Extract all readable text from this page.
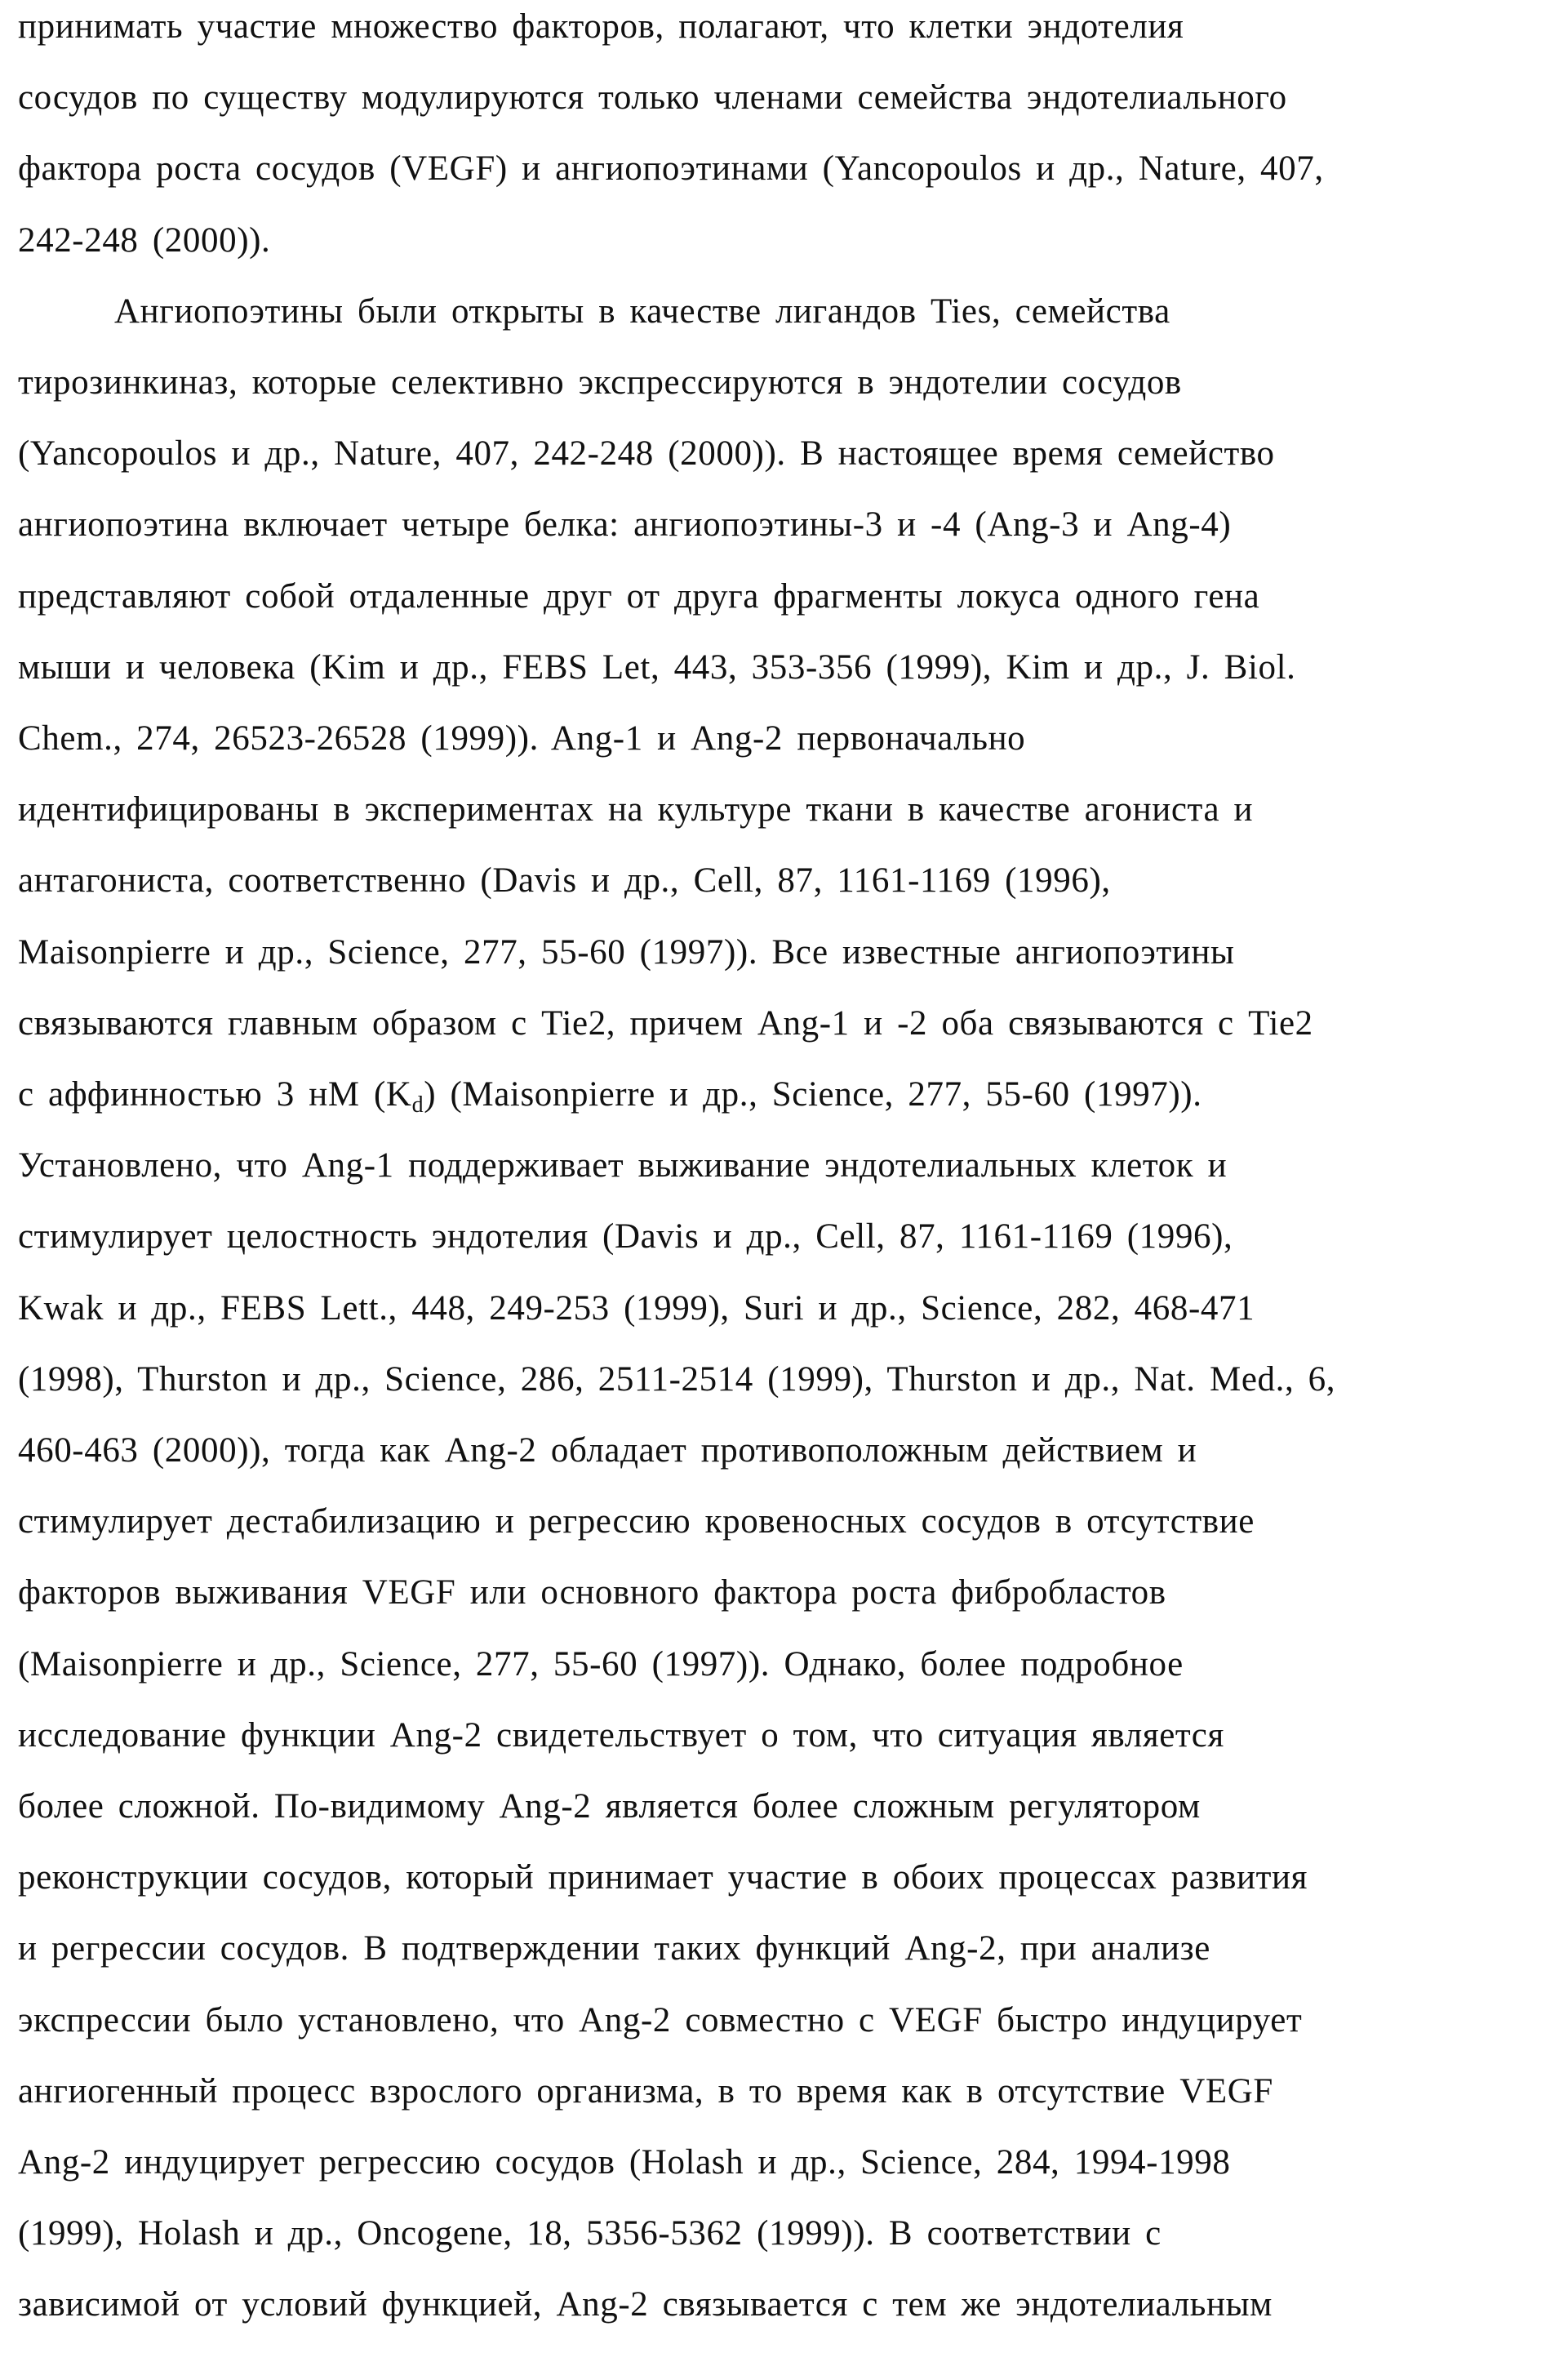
принимать участие множество факторов, полагают, что клетки эндотелия
сосудов по существу модулируются только членами семейства эндотелиального
фактора роста сосудов (VEGF) и ангиопоэтинами (Yancopoulos и др., Nature, 407,
242-248 (2000)).
Ангиопоэтины были открыты в качестве лигандов Ties, семейства
тирозинкиназ, которые селективно экспрессируются в эндотелии сосудов
(Yancopoulos и др., Nature, 407, 242-248 (2000)). В настоящее время семейство
ангиопоэтина включает четыре белка: ангиопоэтины-3 и -4 (Ang-3 и Ang-4)
представляют собой отдаленные друг от друга фрагменты локуса одного гена
мыши и человека (Kim и др., FEBS Let, 443, 353-356 (1999), Kim и др., J. Biol.
Chem., 274, 26523-26528 (1999)). Ang-1 и Ang-2 первоначально
идентифицированы в экспериментах на культуре ткани в качестве агониста и
антагониста, соответственно (Davis и др., Cell, 87, 1161-1169 (1996),
Maisonpierre и др., Science, 277, 55-60 (1997)). Все известные ангиопоэтины
связываются главным образом с Tie2, причем Ang-1 и -2 оба связываются с Tie2
с аффинностью 3 нМ $(K_d)$ (Maisonpierre и др., Science, 277, 55-60 (1997)).
Установлено, что Ang-1 поддерживает выживание эндотелиальных клеток и
стимулирует целостность эндотелия (Davis и др., Cell, 87, 1161-1169 (1996),
Kwak и др., FEBS Lett., 448, 249-253 (1999), Suri и др., Science, 282, 468-471
(1998), Thurston и др., Science, 286, 2511-2514 (1999), Thurston и др., Nat. Med., 6,
460-463 (2000)), тогда как Ang-2 обладает противоположным действием и
стимулирует дестабилизацию и регрессию кровеносных сосудов в отсутствие
факторов выживания VEGF или основного фактора роста фибробластов
(Maisonpierre и др., Science, 277, 55-60 (1997)). Однако, более подробное
исследование функции Ang-2 свидетельствует о том, что ситуация является
более сложной. По-видимому Ang-2 является более сложным регулятором
реконструкции сосудов, который принимает участие в обоих процессах развития
и регрессии сосудов. В подтверждении таких функций Ang-2, при анализе
экспрессии было установлено, что Ang-2 совместно с VEGF быстро индуцирует
ангиогенный процесс взрослого организма, в то время как в отсутствие VEGF
Ang-2 индуцирует регрессию сосудов (Holash и др., Science, 284, 1994-1998
(1999), Holash и др., Oncogene, 18, 5356-5362 (1999)). В соответствии с
зависимой от условий функцией, Ang-2 связывается с тем же эндотелиальным
